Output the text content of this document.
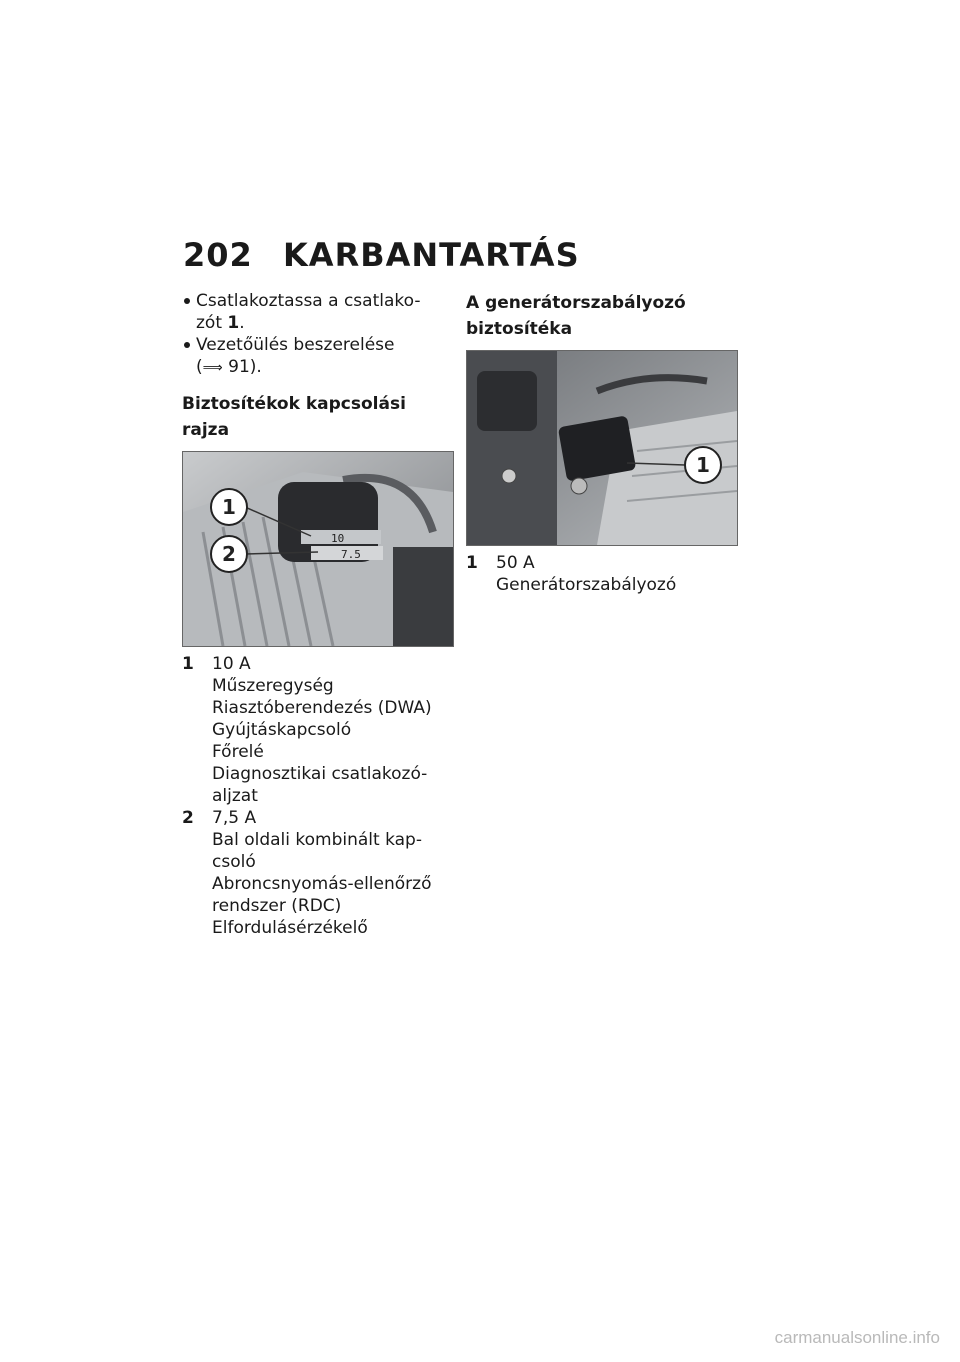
202 KARBANTARTÁS

Csatlakoztassa a csatlako-
zót 1.

Vezetőülés beszerelése
(⟹ 91).

Biztosítékok kapcsolási rajza
10
7.5
1
2
1	10 A
Műszeregység
Riasztóberendezés (DWA)
Gyújtáskapcsoló
Főrelé
Diagnosztikai csatlakozó-
aljzat
2	7,5 A
Bal oldali kombinált kap-
csoló
Abroncsnyomás-ellenőrző
rendszer (RDC)
Elfordulásérzékelő
A generátorszabályozó
biztosítéka
1
1	50 A
Generátorszabályozó
carmanualsonline.info
